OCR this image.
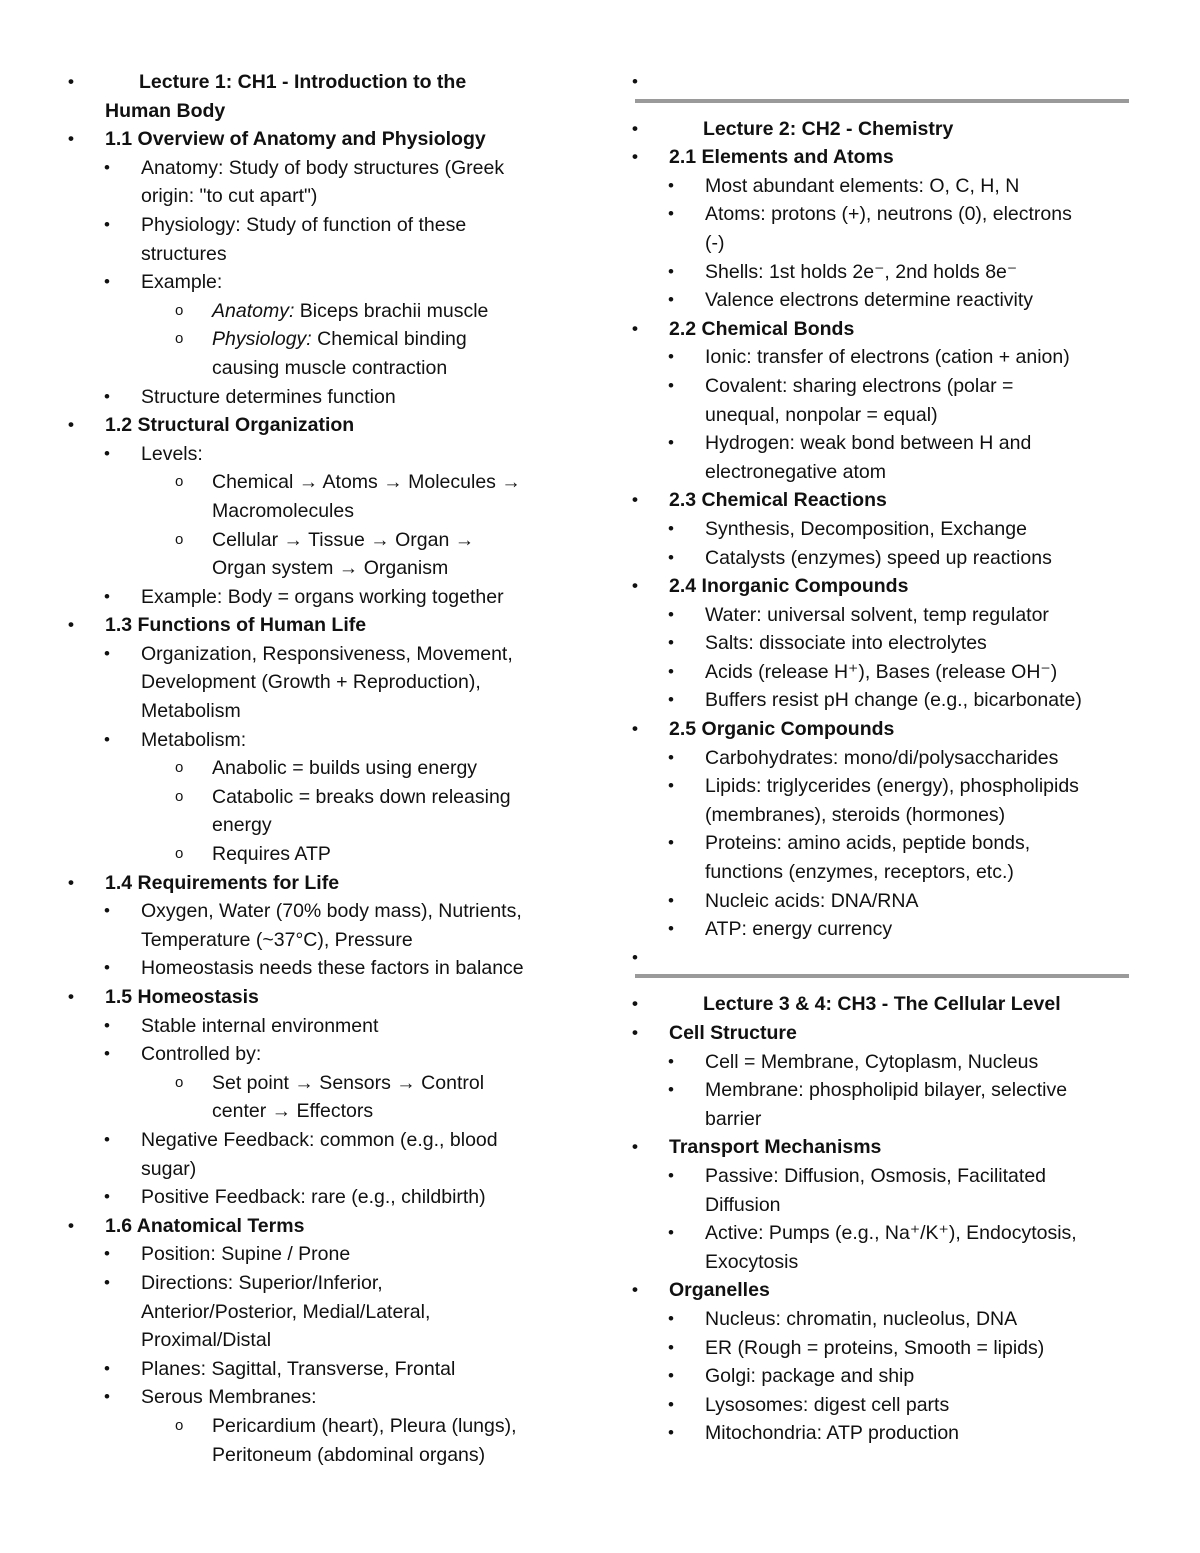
•	Lecture 1: CH1 - Introduction to the
Human Body
• 1.1 Overview of Anatomy and Physiology
• Anatomy: Study of body structures (Greek
origin: "to cut apart")
• Physiology: Study of function of these
structures
• Example:
o Anatomy: Biceps brachii muscle
o Physiology: Chemical binding
causing muscle contraction
• Structure determines function
• 1.2 Structural Organization
• Levels:
o Chemical → Atoms → Molecules →
Macromolecules
o Cellular → Tissue → Organ →
Organ system → Organism
• Example: Body = organs working together
• 1.3 Functions of Human Life
• Organization, Responsiveness, Movement,
Development (Growth + Reproduction),
Metabolism
• Metabolism:
o Anabolic = builds using energy
o Catabolic = breaks down releasing
energy
o Requires ATP
• 1.4 Requirements for Life
• Oxygen, Water (70% body mass), Nutrients,
Temperature (~37°C), Pressure
• Homeostasis needs these factors in balance
• 1.5 Homeostasis
• Stable internal environment
• Controlled by:
o Set point → Sensors → Control
center → Effectors
• Negative Feedback: common (e.g., blood
sugar)
• Positive Feedback: rare (e.g., childbirth)
• 1.6 Anatomical Terms
• Position: Supine / Prone
• Directions: Superior/Inferior,
Anterior/Posterior, Medial/Lateral,
Proximal/Distal
• Planes: Sagittal, Transverse, Frontal
• Serous Membranes:
o Pericardium (heart), Pleura (lungs),
Peritoneum (abdominal organs)
•

•	Lecture 2: CH2 - Chemistry
• 2.1 Elements and Atoms
• Most abundant elements: O, C, H, N
• Atoms: protons (+), neutrons (0), electrons
(-)
• Shells: 1st holds 2e⁻, 2nd holds 8e⁻
• Valence electrons determine reactivity
• 2.2 Chemical Bonds
• Ionic: transfer of electrons (cation + anion)
• Covalent: sharing electrons (polar =
unequal, nonpolar = equal)
• Hydrogen: weak bond between H and
electronegative atom
• 2.3 Chemical Reactions
• Synthesis, Decomposition, Exchange
• Catalysts (enzymes) speed up reactions
• 2.4 Inorganic Compounds
• Water: universal solvent, temp regulator
• Salts: dissociate into electrolytes
• Acids (release H⁺), Bases (release OH⁻)
• Buffers resist pH change (e.g., bicarbonate)
• 2.5 Organic Compounds
• Carbohydrates: mono/di/polysaccharides
• Lipids: triglycerides (energy), phospholipids
(membranes), steroids (hormones)
• Proteins: amino acids, peptide bonds,
functions (enzymes, receptors, etc.)
• Nucleic acids: DNA/RNA
• ATP: energy currency
•

•	Lecture 3 & 4: CH3 - The Cellular Level
• Cell Structure
• Cell = Membrane, Cytoplasm, Nucleus
• Membrane: phospholipid bilayer, selective
barrier
• Transport Mechanisms
• Passive: Diffusion, Osmosis, Facilitated
Diffusion
• Active: Pumps (e.g., Na⁺/K⁺), Endocytosis,
Exocytosis
• Organelles
• Nucleus: chromatin, nucleolus, DNA
• ER (Rough = proteins, Smooth = lipids)
• Golgi: package and ship
• Lysosomes: digest cell parts
• Mitochondria: ATP production
